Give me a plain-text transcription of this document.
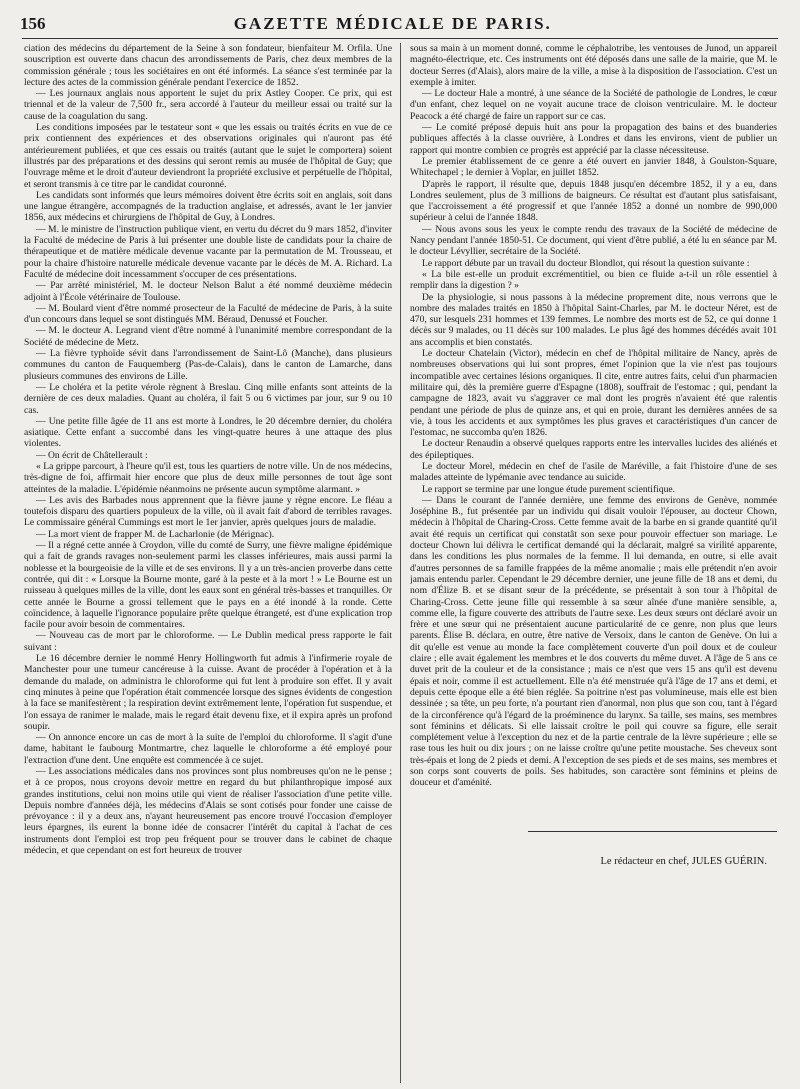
156	GAZETTE MÉDICALE DE PARIS.

ciation des médecins du département de la Seine à son fondateur, bienfaiteur M. Orfila. Une souscription est ouverte dans chacun des arrondissements de Paris, chez deux membres de la commission générale ; tous les sociétaires en ont été informés. La séance s'est terminée par la lecture des actes de la commission générale pendant l'exercice de 1852.

— Les journaux anglais nous apportent le sujet du prix Astley Cooper. Ce prix, qui est triennal et de la valeur de 7,500 fr., sera accordé à l'auteur du meilleur essai ou traité sur la cause de la coagulation du sang.

Les conditions imposées par le testateur sont « que les essais ou traités écrits en vue de ce prix contiennent des expériences et des observations originales qui n'auront pas été antérieurement publiées, et que ces essais ou traités (autant que le sujet le comportera) soient illustrés par des préparations et des dessins qui seront remis au musée de l'hôpital de Guy; que l'ouvrage même et le droit d'auteur deviendront la propriété exclusive et perpétuelle de l'hôpital, et seront transmis à ce titre par le candidat couronné.

Les candidats sont informés que leurs mémoires doivent être écrits soit en anglais, soit dans une langue étrangère, accompagnés de la traduction anglaise, et adressés, avant le 1er janvier 1856, aux médecins et chirurgiens de l'hôpital de Guy, à Londres.

— M. le ministre de l'instruction publique vient, en vertu du décret du 9 mars 1852, d'inviter la Faculté de médecine de Paris à lui présenter une double liste de candidats pour la chaire de thérapeutique et de matière médicale devenue vacante par la permutation de M. Trousseau, et pour la chaire d'histoire naturelle médicale devenue vacante par le décès de M. A. Richard. La Faculté de médecine doit incessamment s'occuper de ces présentations.

— Par arrêté ministériel, M. le docteur Nelson Balut a été nommé deuxième médecin adjoint à l'École vétérinaire de Toulouse.

— M. Boulard vient d'être nommé prosecteur de la Faculté de médecine de Paris, à la suite d'un concours dans lequel se sont distingués MM. Béraud, Denussé et Foucher.

— M. le docteur A. Legrand vient d'être nommé à l'unanimité membre correspondant de la Société de médecine de Metz.

— La fièvre typhoïde sévit dans l'arrondissement de Saint-Lô (Manche), dans plusieurs communes du canton de Fauquemberg (Pas-de-Calais), dans le canton de Lamarche, dans plusieurs communes des environs de Lille.

— Le choléra et la petite vérole règnent à Breslau. Cinq mille enfants sont atteints de la dernière de ces deux maladies. Quant au choléra, il fait 5 ou 6 victimes par jour, sur 9 ou 10 cas.

— Une petite fille âgée de 11 ans est morte à Londres, le 20 décembre dernier, du choléra asiatique. Cette enfant a succombé dans les vingt-quatre heures à une attaque des plus violentes.

— On écrit de Châtellerault :

« La grippe parcourt, à l'heure qu'il est, tous les quartiers de notre ville. Un de nos médecins, très-digne de foi, affirmait hier encore que plus de deux mille personnes de tout âge sont atteintes de la maladie. L'épidémie néanmoins ne présente aucun symptôme alarmant. »

— Les avis des Barbades nous apprennent que la fièvre jaune y règne encore. Le fléau a toutefois disparu des quartiers populeux de la ville, où il avait fait d'abord de terribles ravages. Le commissaire général Cummings est mort le 1er janvier, après quelques jours de maladie.

— La mort vient de frapper M. de Lacharlonie (de Mérignac).

— Il a régné cette année à Croydon, ville du comté de Surry, une fièvre maligne épidémique qui a fait de grands ravages non-seulement parmi les classes inférieures, mais aussi parmi la noblesse et la bourgeoisie de la ville et de ses environs. Il y a un très-ancien proverbe dans cette contrée, qui dit : « Lorsque la Bourne monte, garé à la peste et à la mort ! » Le Bourne est un ruisseau à quelques milles de la ville, dont les eaux sont en général très-basses et tranquilles. Or cette année le Bourne a grossi tellement que le pays en a été inondé à la ronde. Cette coïncidence, à laquelle l'ignorance populaire prête quelque étrangeté, est d'une explication trop facile pour avoir besoin de commentaires.

— Nouveau cas de mort par le chloroforme. — Le Dublin medical press rapporte le fait suivant :

Le 16 décembre dernier le nommé Henry Hollingworth fut admis à l'infirmerie royale de Manchester pour une tumeur cancéreuse à la cuisse. Avant de procéder à l'opération et à la demande du malade, on administra le chloroforme qui fut lent à produire son effet. Il y avait cinq minutes à peine que l'opération était commencée lorsque des signes évidents de congestion à la face se manifestèrent ; la respiration devint extrêmement lente, l'opération fut suspendue, et l'on essaya de ranimer le malade, mais le regard était devenu fixe, et il expira après un profond soupir.

— On annonce encore un cas de mort à la suite de l'emploi du chloroforme. Il s'agit d'une dame, habitant le faubourg Montmartre, chez laquelle le chloroforme a été employé pour l'extraction d'une dent. Une enquête est commencée à ce sujet.

— Les associations médicales dans nos provinces sont plus nombreuses qu'on ne le pense ; et à ce propos, nous croyons devoir mettre en regard du but philanthropique imposé aux grandes institutions, celui non moins utile qui vient de réaliser l'association d'une petite ville. Depuis nombre d'années déjà, les médecins d'Alais se sont cotisés pour fonder une caisse de prévoyance : il y a deux ans, n'ayant heureusement pas encore trouvé l'occasion d'employer leurs épargnes, ils eurent la bonne idée de consacrer l'intérêt du capital à l'achat de ces instruments dont l'emploi est trop peu fréquent pour se trouver dans le cabinet de chaque médecin, et que cependant on est fort heureux de trouver

sous sa main à un moment donné, comme le céphalotribe, les ventouses de Junod, un appareil magnéto-électrique, etc. Ces instruments ont été déposés dans une salle de la mairie, que M. le docteur Serres (d'Alais), alors maire de la ville, a mise à la disposition de l'association. C'est un exemple à imiter.

— Le docteur Hale a montré, à une séance de la Société de pathologie de Londres, le cœur d'un enfant, chez lequel on ne voyait aucune trace de cloison ventriculaire. M. le docteur Peacock a été chargé de faire un rapport sur ce cas.

— Le comité préposé depuis huit ans pour la propagation des bains et des buanderies publiques affectés à la classe ouvrière, à Londres et dans les environs, vient de publier un rapport qui montre combien ce progrès est apprécié par la classe nécessiteuse.

Le premier établissement de ce genre a été ouvert en janvier 1848, à Goulston-Square, Whitechapel ; le dernier à Voplar, en juillet 1852.

D'après le rapport, il résulte que, depuis 1848 jusqu'en décembre 1852, il y a eu, dans Londres seulement, plus de 3 millions de baigneurs. Ce résultat est d'autant plus satisfaisant, que l'accroissement a été progressif et que l'année 1852 a donné un nombre de 990,000 supérieur à celui de l'année 1848.

— Nous avons sous les yeux le compte rendu des travaux de la Société de médecine de Nancy pendant l'année 1850-51. Ce document, qui vient d'être publié, a été lu en séance par M. le docteur Lévyllier, secrétaire de la Société.

Le rapport débute par un travail du docteur Blondlot, qui résout la question suivante :

« La bile est-elle un produit excrémentitiel, ou bien ce fluide a-t-il un rôle essentiel à remplir dans la digestion ? »

De la physiologie, si nous passons à la médecine proprement dite, nous verrons que le nombre des malades traités en 1850 à l'hôpital Saint-Charles, par M. le docteur Néret, est de 470, sur lesquels 231 hommes et 139 femmes. Le nombre des morts est de 52, ce qui donne 1 décès sur 9 malades, ou 11 décès sur 100 malades. Le plus âgé des hommes décédés avait 101 ans accomplis et bien constatés.

Le docteur Chatelain (Victor), médecin en chef de l'hôpital militaire de Nancy, après de nombreuses observations qui lui sont propres, émet l'opinion que la vie n'est pas toujours incompatible avec certaines lésions organiques. Il cite, entre autres faits, celui d'un pharmacien militaire qui, dès la première guerre d'Espagne (1808), souffrait de l'estomac ; qui, pendant la campagne de 1823, avait vu s'aggraver ce mal dont les progrès n'avaient été que ralentis pendant une période de plus de quinze ans, et qui en proie, durant les dernières années de sa vie, à tous les accidents et aux symptômes les plus graves et caractéristiques d'un cancer de l'estomac, ne succomba qu'en 1826.

Le docteur Renaudin a observé quelques rapports entre les intervalles lucides des aliénés et des épileptiques.

Le docteur Morel, médecin en chef de l'asile de Maréville, a fait l'histoire d'une de ses malades atteinte de lypémanie avec tendance au suicide.

Le rapport se termine par une longue étude purement scientifique.

— Dans le courant de l'année dernière, une femme des environs de Genève, nommée Joséphine B., fut présentée par un individu qui disait vouloir l'épouser, au docteur Chown, médecin à l'hôpital de Charing-Cross. Cette femme avait de la barbe en si grande quantité qu'il avait été requis un certificat qui constatât son sexe pour pouvoir effectuer son mariage. Le docteur Chown lui délivra le certificat demandé qui la déclarait, malgré sa virilité apparente, dans les conditions les plus normales de la femme. Il lui demanda, en outre, si elle avait d'autres personnes de sa famille frappées de la même anomalie ; mais elle prétendit n'en avoir jamais entendu parler. Cependant le 29 décembre dernier, une jeune fille de 18 ans et demi, du nom d'Élize B. et se disant sœur de la précédente, se présentait à son tour à l'hôpital de Charing-Cross. Cette jeune fille qui ressemble à sa sœur aînée d'une manière sensible, a, comme elle, la figure couverte des attributs de l'autre sexe. Les deux sœurs ont déclaré avoir un frère et une sœur qui ne présentaient aucune particularité de ce genre, non plus que leurs parents. Élise B. déclara, en outre, être native de Versoix, dans le canton de Genève. On lui a dit qu'elle est venue au monde la face complètement couverte d'un poil doux et de couleur claire ; elle avait également les membres et le dos couverts du même duvet. A l'âge de 5 ans ce duvet prit de la couleur et de la consistance ; mais ce n'est que vers 15 ans qu'il est devenu épais et noir, comme il est actuellement. Elle n'a été menstruée qu'à l'âge de 17 ans et demi, et depuis cette époque elle a été bien réglée. Sa poitrine n'est pas volumineuse, mais elle est bien dessinée ; sa tête, un peu forte, n'a pourtant rien d'anormal, non plus que son cou, tant à l'égard de la circonférence qu'à l'égard de la proéminence du larynx. Sa taille, ses mains, ses membres sont féminins et délicats. Si elle laissait croître le poil qui couvre sa figure, elle serait complétement velue à l'exception du nez et de la partie centrale de la lèvre supérieure ; elle se rase tous les huit ou dix jours ; on ne laisse croître qu'une petite moustache. Ses cheveux sont très-épais et long de 2 pieds et demi. A l'exception de ses pieds et de ses mains, ses membres et son corps sont couverts de poils. Ses habitudes, son caractère sont féminins et pleins de douceur et d'aménité.

Le rédacteur en chef, JULES GUÉRIN.
